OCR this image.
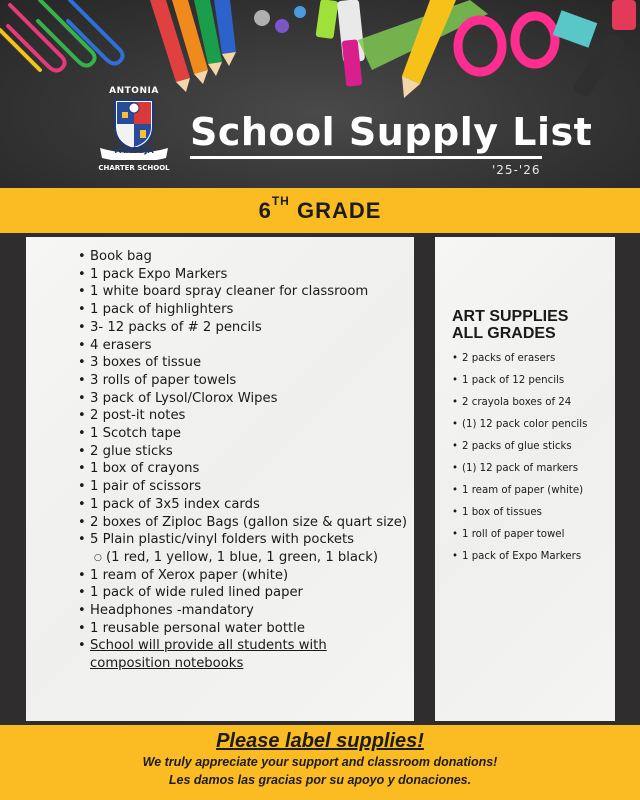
ANTONIA
PANTOJA
CHARTER SCHOOL
School Supply List
'25-'26
6TH GRADE
• Book bag
• 1 pack Expo Markers
• 1 white board spray cleaner for classroom
• 1 pack of highlighters
• 3- 12 packs of # 2 pencils
• 4 erasers
• 3 boxes of tissue
• 3 rolls of paper towels
• 3 pack of Lysol/Clorox Wipes
• 2 post-it notes
• 1 Scotch tape
• 2 glue sticks
• 1 box of crayons
• 1 pair of scissors
• 1 pack of 3x5 index cards
• 2 boxes of Ziploc Bags (gallon size & quart size)
• 5 Plain plastic/vinyl folders with pockets
○ (1 red, 1 yellow, 1 blue, 1 green, 1 black)
• 1 ream of Xerox paper (white)
• 1 pack of wide ruled lined paper
• Headphones -mandatory
• 1 reusable personal water bottle
• School will provide all students with composition notebooks
ART SUPPLIES
ALL GRADES
• 2 packs of erasers
• 1 pack of 12 pencils
• 2 crayola boxes of 24
• (1) 12 pack color pencils
• 2 packs of glue sticks
• (1) 12 pack of markers
• 1 ream of paper (white)
• 1 box of tissues
• 1 roll of paper towel
• 1 pack of Expo Markers
Please label supplies!
We truly appreciate your support and classroom donations!
Les damos las gracias por su apoyo y donaciones.
